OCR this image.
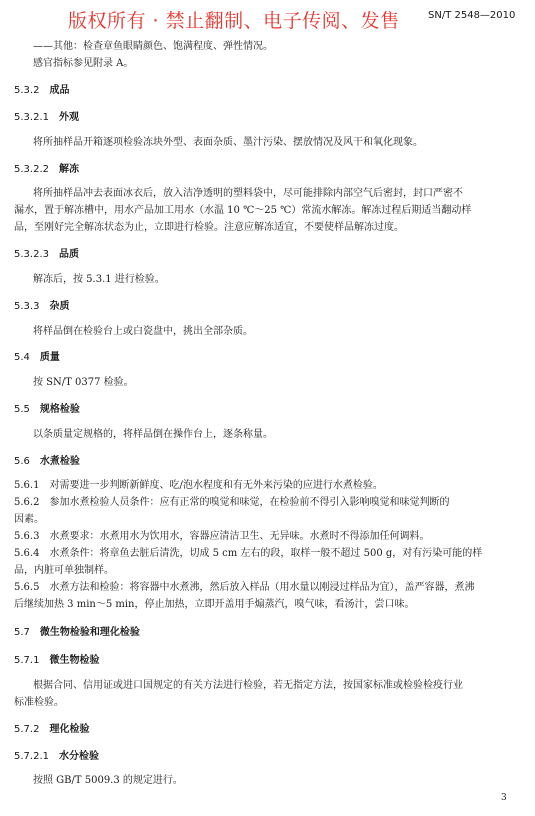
版权所有 · 禁止翻制、电子传阅、发售	SN/T 2548—2010
——其他：检查章鱼眼睛颜色、饱满程度、弹性情况。
感官指标参见附录 A。
5.3.2 成品
5.3.2.1 外观
将所抽样品开箱逐项检验冻块外型、表面杂质、墨汁污染、摆放情况及风干和氧化现象。
5.3.2.2 解冻
将所抽样品冲去表面冰衣后，放入洁净透明的塑料袋中，尽可能排除内部空气后密封，封口严密不
漏水，置于解冻槽中，用水产品加工用水（水温 10 ℃～25 ℃）常流水解冻。解冻过程后期适当翻动样
品，至刚好完全解冻状态为止，立即进行检验。注意应解冻适宜，不要使样品解冻过度。
5.3.2.3 品质
解冻后，按 5.3.1 进行检验。
5.3.3 杂质
将样品倒在检验台上或白瓷盘中，挑出全部杂质。
5.4 质量
按 SN/T 0377 检验。
5.5 规格检验
以条质量定规格的，将样品倒在操作台上，逐条称量。
5.6 水煮检验
5.6.1 对需要进一步判断新鲜度、吃/泡水程度和有无外来污染的应进行水煮检验。
5.6.2 参加水煮检验人员条件：应有正常的嗅觉和味觉，在检验前不得引入影响嗅觉和味觉判断的
因素。
5.6.3 水煮要求：水煮用水为饮用水，容器应清洁卫生、无异味。水煮时不得添加任何调料。
5.6.4 水煮条件：将章鱼去脏后清洗，切成 5 cm 左右的段，取样一般不超过 500 g，对有污染可能的样
品，内脏可单独制样。
5.6.5 水煮方法和检验：将容器中水煮沸，然后放入样品（用水量以刚浸过样品为宜），盖严容器，煮沸
后继续加热 3 min～5 min，停止加热，立即开盖用手煽蒸汽，嗅气味，看汤汁，尝口味。
5.7 微生物检验和理化检验
5.7.1 微生物检验
根据合同、信用证或进口国规定的有关方法进行检验，若无指定方法，按国家标准或检验检疫行业
标准检验。
5.7.2 理化检验
5.7.2.1 水分检验
按照 GB/T 5009.3 的规定进行。
3
